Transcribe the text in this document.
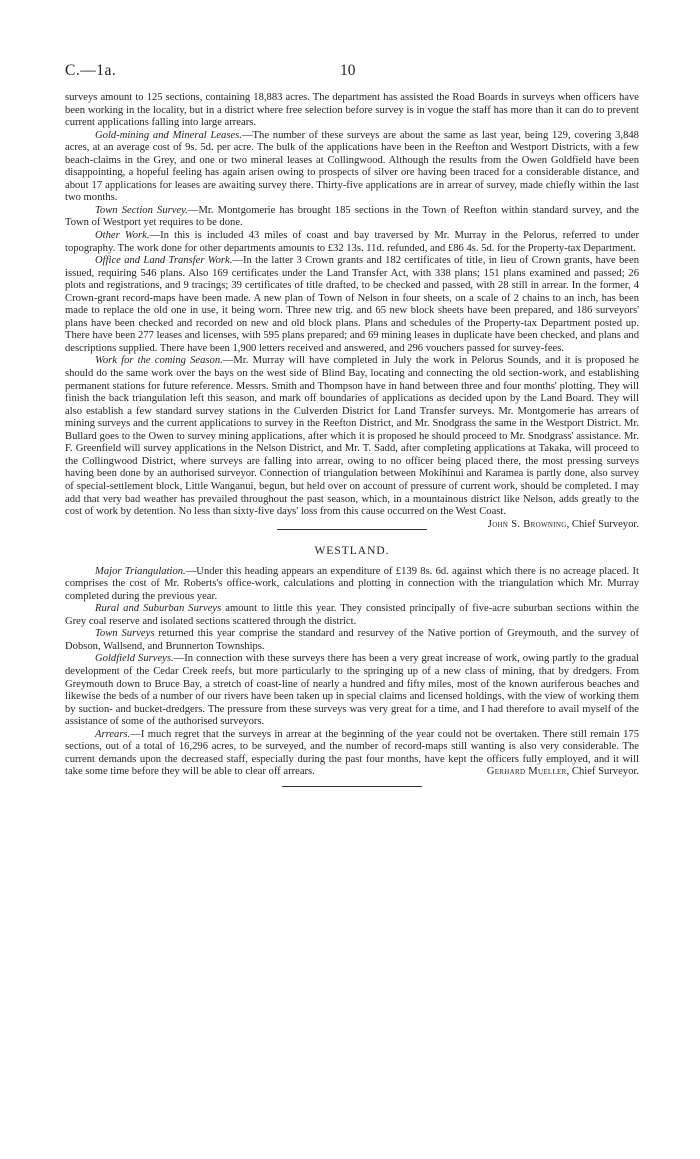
C.—1a.	10

surveys amount to 125 sections, containing 18,883 acres. The department has assisted the Road Boards in surveys when officers have been working in the locality, but in a district where free selection before survey is in vogue the staff has more than it can do to prevent current applications falling into large arrears.

Gold-mining and Mineral Leases.—The number of these surveys are about the same as last year, being 129, covering 3,848 acres, at an average cost of 9s. 5d. per acre. The bulk of the applications have been in the Reefton and Westport Districts, with a few beach-claims in the Grey, and one or two mineral leases at Collingwood. Although the results from the Owen Goldfield have been disappointing, a hopeful feeling has again arisen owing to prospects of silver ore having been traced for a considerable distance, and about 17 applications for leases are awaiting survey there. Thirty-five applications are in arrear of survey, made chiefly within the last two months.

Town Section Survey.—Mr. Montgomerie has brought 185 sections in the Town of Reefton within standard survey, and the Town of Westport yet requires to be done.

Other Work.—In this is included 43 miles of coast and bay traversed by Mr. Murray in the Pelorus, referred to under topography. The work done for other departments amounts to £32 13s. 11d. refunded, and £86 4s. 5d. for the Property-tax Department.

Office and Land Transfer Work.—In the latter 3 Crown grants and 182 certificates of title, in lieu of Crown grants, have been issued, requiring 546 plans. Also 169 certificates under the Land Transfer Act, with 338 plans; 151 plans examined and passed; 26 plots and registrations, and 9 tracings; 39 certificates of title drafted, to be checked and passed, with 28 still in arrear. In the former, 4 Crown-grant record-maps have been made. A new plan of Town of Nelson in four sheets, on a scale of 2 chains to an inch, has been made to replace the old one in use, it being worn. Three new trig. and 65 new block sheets have been prepared, and 186 surveyors' plans have been checked and recorded on new and old block plans. Plans and schedules of the Property-tax Department posted up. There have been 277 leases and licenses, with 595 plans prepared; and 69 mining leases in duplicate have been checked, and plans and descriptions supplied. There have been 1,900 letters received and answered, and 296 vouchers passed for survey-fees.

Work for the coming Season.—Mr. Murray will have completed in July the work in Pelorus Sounds, and it is proposed he should do the same work over the bays on the west side of Blind Bay, locating and connecting the old section-work, and establishing permanent stations for future reference. Messrs. Smith and Thompson have in hand between three and four months' plotting. They will finish the back triangulation left this season, and mark off boundaries of applications as decided upon by the Land Board. They will also establish a few standard survey stations in the Culverden District for Land Transfer surveys. Mr. Montgomerie has arrears of mining surveys and the current applications to survey in the Reefton District, and Mr. Snodgrass the same in the Westport District. Mr. Bullard goes to the Owen to survey mining applications, after which it is proposed he should proceed to Mr. Snodgrass' assistance. Mr. F. Greenfield will survey applications in the Nelson District, and Mr. T. Sadd, after completing applications at Takaka, will proceed to the Collingwood District, where surveys are falling into arrear, owing to no officer being placed there, the most pressing surveys having been done by an authorised surveyor. Connection of triangulation between Mokihinui and Karamea is partly done, also survey of special-settlement block, Little Wanganui, begun, but held over on account of pressure of current work, should be completed. I may add that very bad weather has prevailed throughout the past season, which, in a mountainous district like Nelson, adds greatly to the cost of work by detention. No less than sixty-five days' loss from this cause occurred on the West Coast.
John S. Browning, Chief Surveyor.

WESTLAND.

Major Triangulation.—Under this heading appears an expenditure of £139 8s. 6d. against which there is no acreage placed. It comprises the cost of Mr. Roberts's office-work, calculations and plotting in connection with the triangulation which Mr. Murray completed during the previous year.

Rural and Suburban Surveys amount to little this year. They consisted principally of five-acre suburban sections within the Grey coal reserve and isolated sections scattered through the district.

Town Surveys returned this year comprise the standard and resurvey of the Native portion of Greymouth, and the survey of Dobson, Wallsend, and Brunnerton Townships.

Goldfield Surveys.—In connection with these surveys there has been a very great increase of work, owing partly to the gradual development of the Cedar Creek reefs, but more particularly to the springing up of a new class of mining, that by dredgers. From Greymouth down to Bruce Bay, a stretch of coast-line of nearly a hundred and fifty miles, most of the known auriferous beaches and likewise the beds of a number of our rivers have been taken up in special claims and licensed holdings, with the view of working them by suction- and bucket-dredgers. The pressure from these surveys was very great for a time, and I had therefore to avail myself of the assistance of some of the authorised surveyors.

Arrears.—I much regret that the surveys in arrear at the beginning of the year could not be overtaken. There still remain 175 sections, out of a total of 16,296 acres, to be surveyed, and the number of record-maps still wanting is also very considerable. The current demands upon the decreased staff, especially during the past four months, have kept the officers fully employed, and it will take some time before they will be able to clear off arrears.	Gerhard Mueller, Chief Surveyor.
